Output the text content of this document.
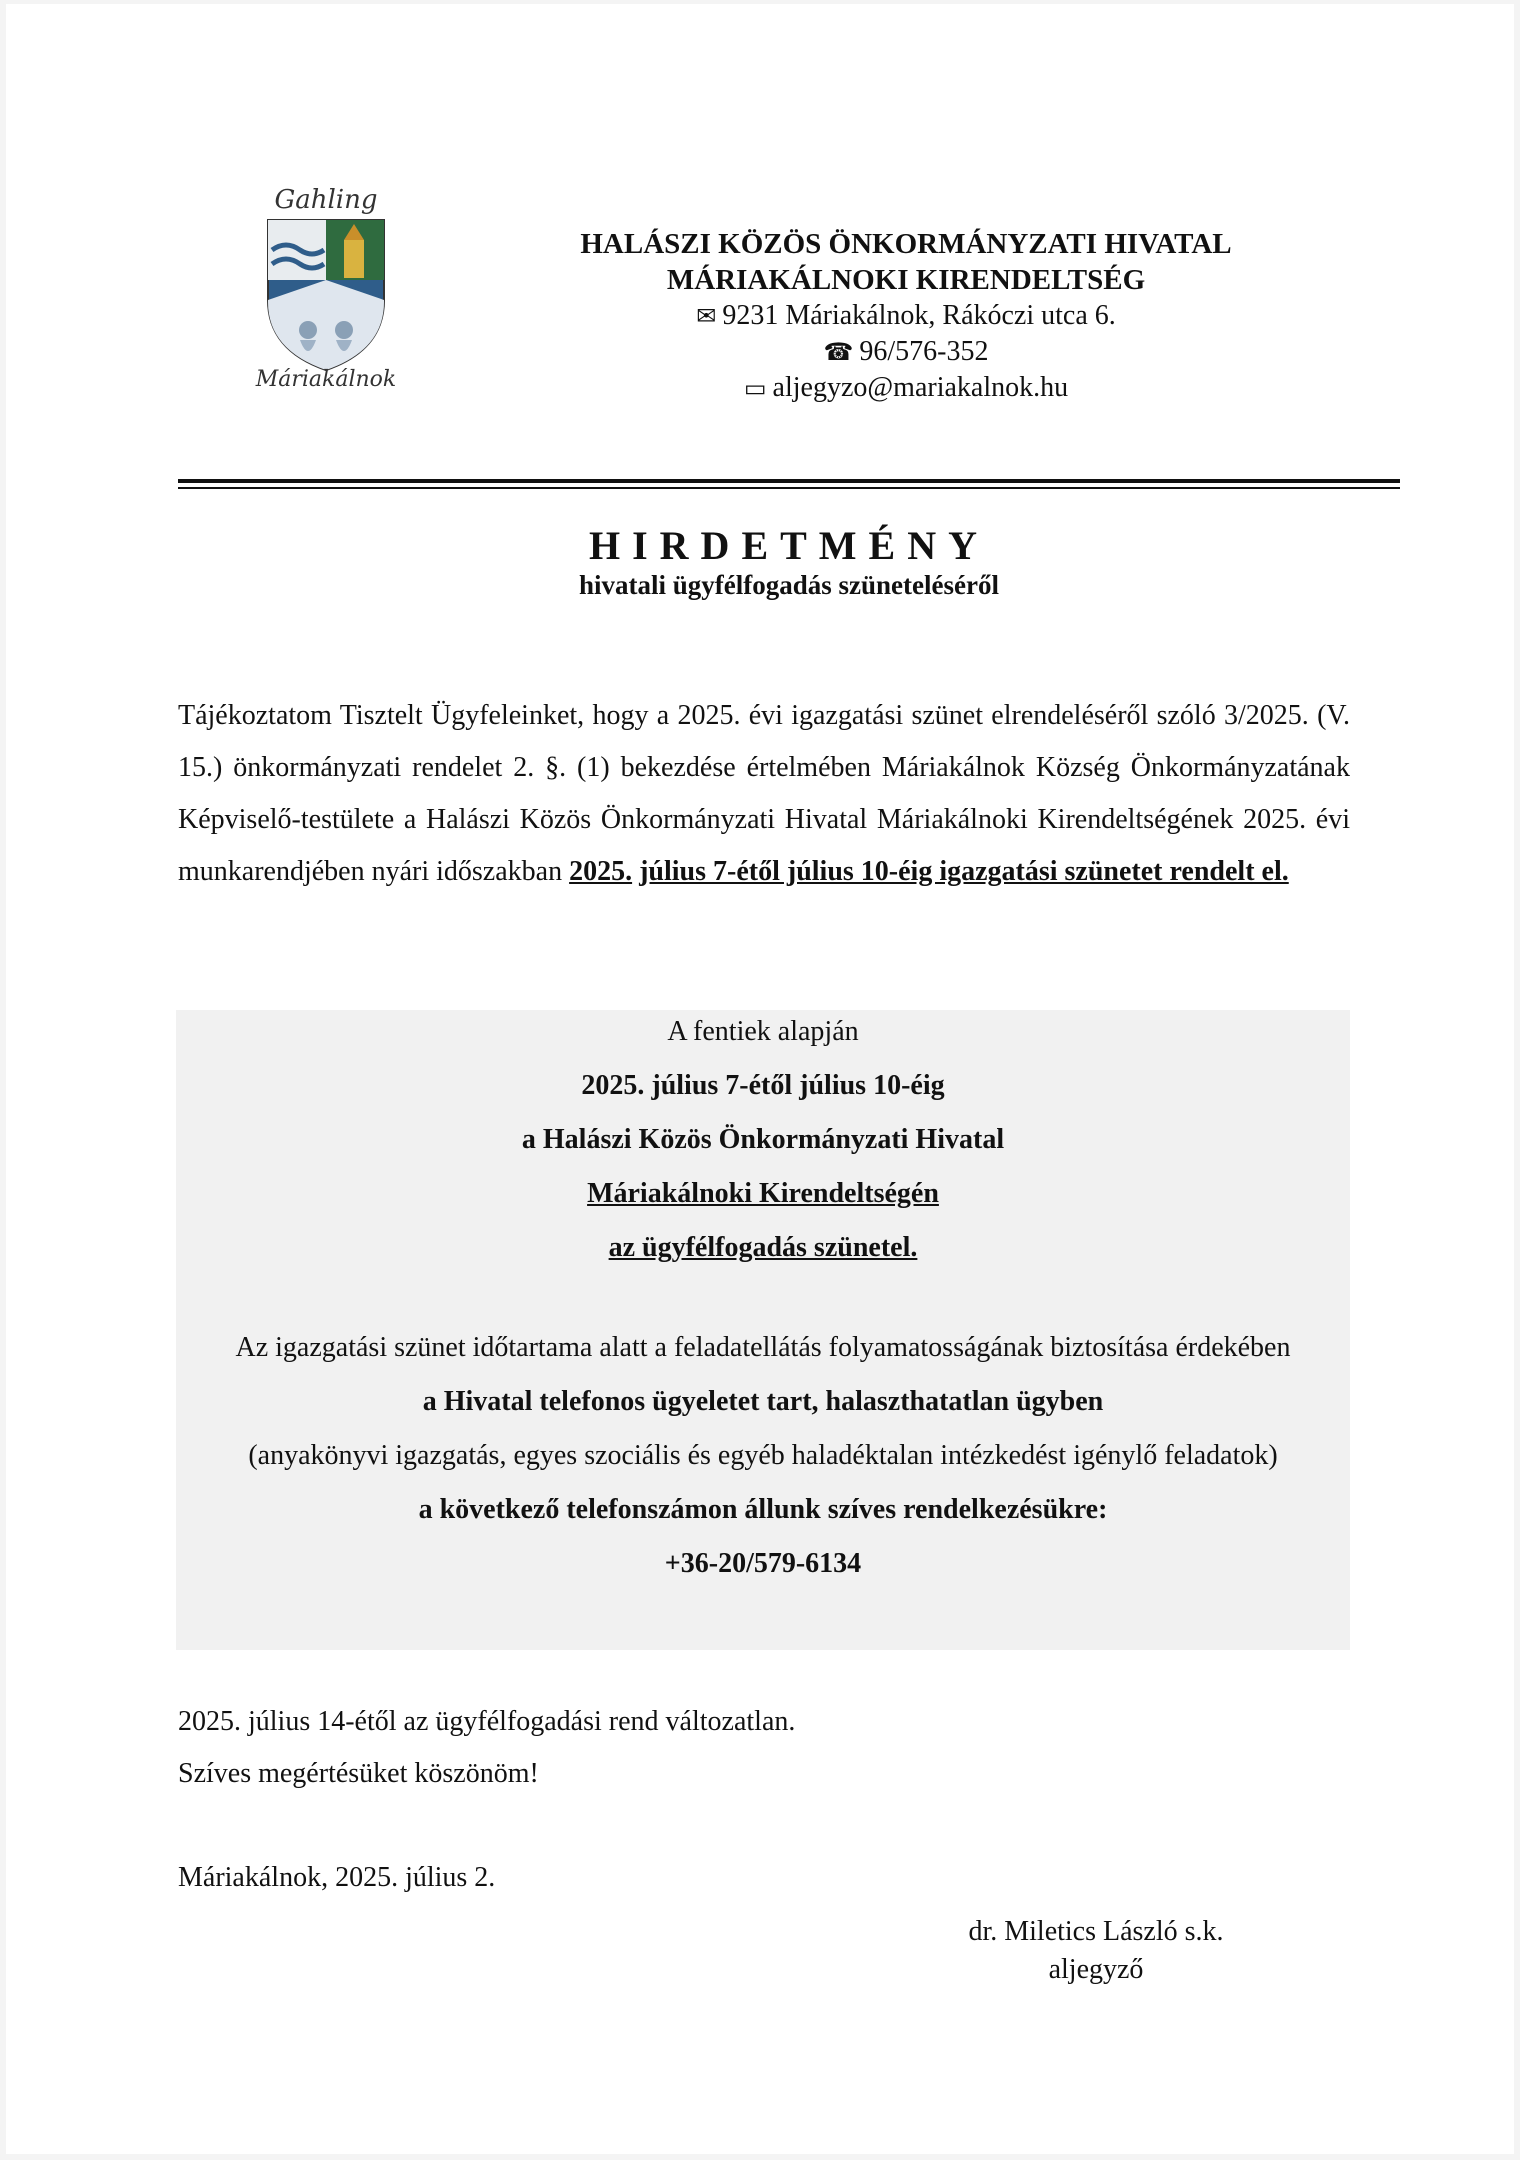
Gahling
Máriakálnok
HALÁSZI KÖZÖS ÖNKORMÁNYZATI HIVATAL
MÁRIAKÁLNOKI KIRENDELTSÉG
✉ 9231 Máriakálnok, Rákóczi utca 6.
☎ 96/576-352
▭ aljegyzo@mariakalnok.hu
HIRDETMÉNY
hivatali ügyfélfogadás szüneteléséről
Tájékoztatom Tisztelt Ügyfeleinket, hogy a 2025. évi igazgatási szünet elrendeléséről szóló 3/2025. (V. 15.) önkormányzati rendelet 2. §. (1) bekezdése értelmében Máriakálnok Község Önkormányzatának Képviselő-testülete a Halászi Közös Önkormányzati Hivatal Máriakálnoki Kirendeltségének 2025. évi munkarendjében nyári időszakban 2025. július 7-étől július 10-éig igazgatási szünetet rendelt el.
A fentiek alapján
2025. július 7-étől július 10-éig
a Halászi Közös Önkormányzati Hivatal
Máriakálnoki Kirendeltségén
az ügyfélfogadás szünetel.
Az igazgatási szünet időtartama alatt a feladatellátás folyamatosságának biztosítása érdekében
a Hivatal telefonos ügyeletet tart, halaszthatatlan ügyben
(anyakönyvi igazgatás, egyes szociális és egyéb haladéktalan intézkedést igénylő feladatok)
a következő telefonszámon állunk szíves rendelkezésükre:
+36-20/579-6134
2025. július 14-étől az ügyfélfogadási rend változatlan.
Szíves megértésüket köszönöm!
Máriakálnok, 2025. július 2.
dr. Miletics László s.k.
aljegyző
